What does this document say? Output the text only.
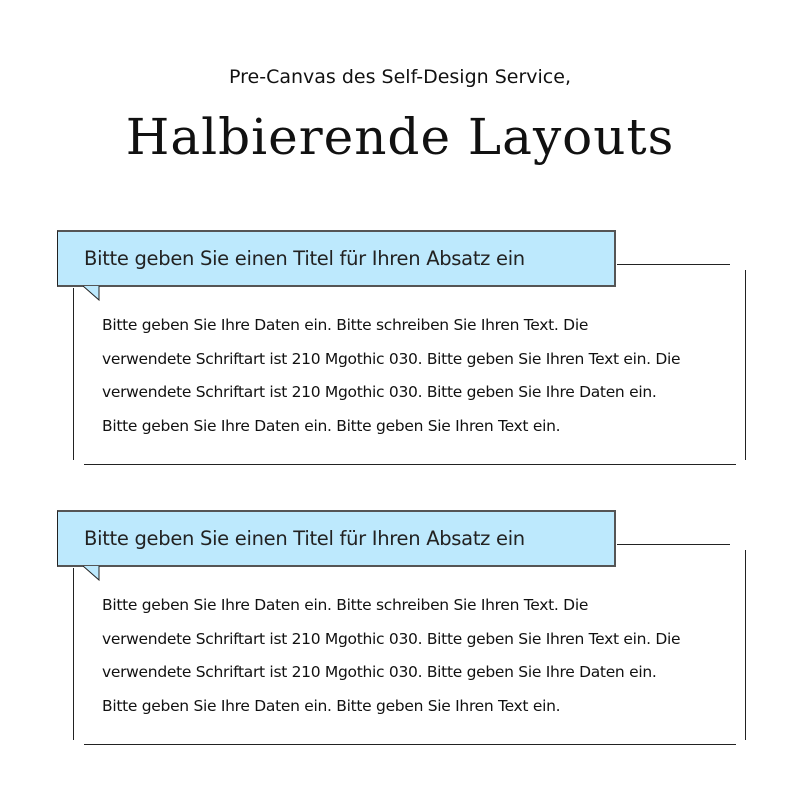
Pre-Canvas des Self-Design Service,
Halbierende Layouts
Bitte geben Sie einen Titel für Ihren Absatz ein
Bitte geben Sie Ihre Daten ein. Bitte schreiben Sie Ihren Text. Die
verwendete Schriftart ist 210 Mgothic 030. Bitte geben Sie Ihren Text ein. Die
verwendete Schriftart ist 210 Mgothic 030. Bitte geben Sie Ihre Daten ein.
Bitte geben Sie Ihre Daten ein. Bitte geben Sie Ihren Text ein.
Bitte geben Sie einen Titel für Ihren Absatz ein
Bitte geben Sie Ihre Daten ein. Bitte schreiben Sie Ihren Text. Die
verwendete Schriftart ist 210 Mgothic 030. Bitte geben Sie Ihren Text ein. Die
verwendete Schriftart ist 210 Mgothic 030. Bitte geben Sie Ihre Daten ein.
Bitte geben Sie Ihre Daten ein. Bitte geben Sie Ihren Text ein.
